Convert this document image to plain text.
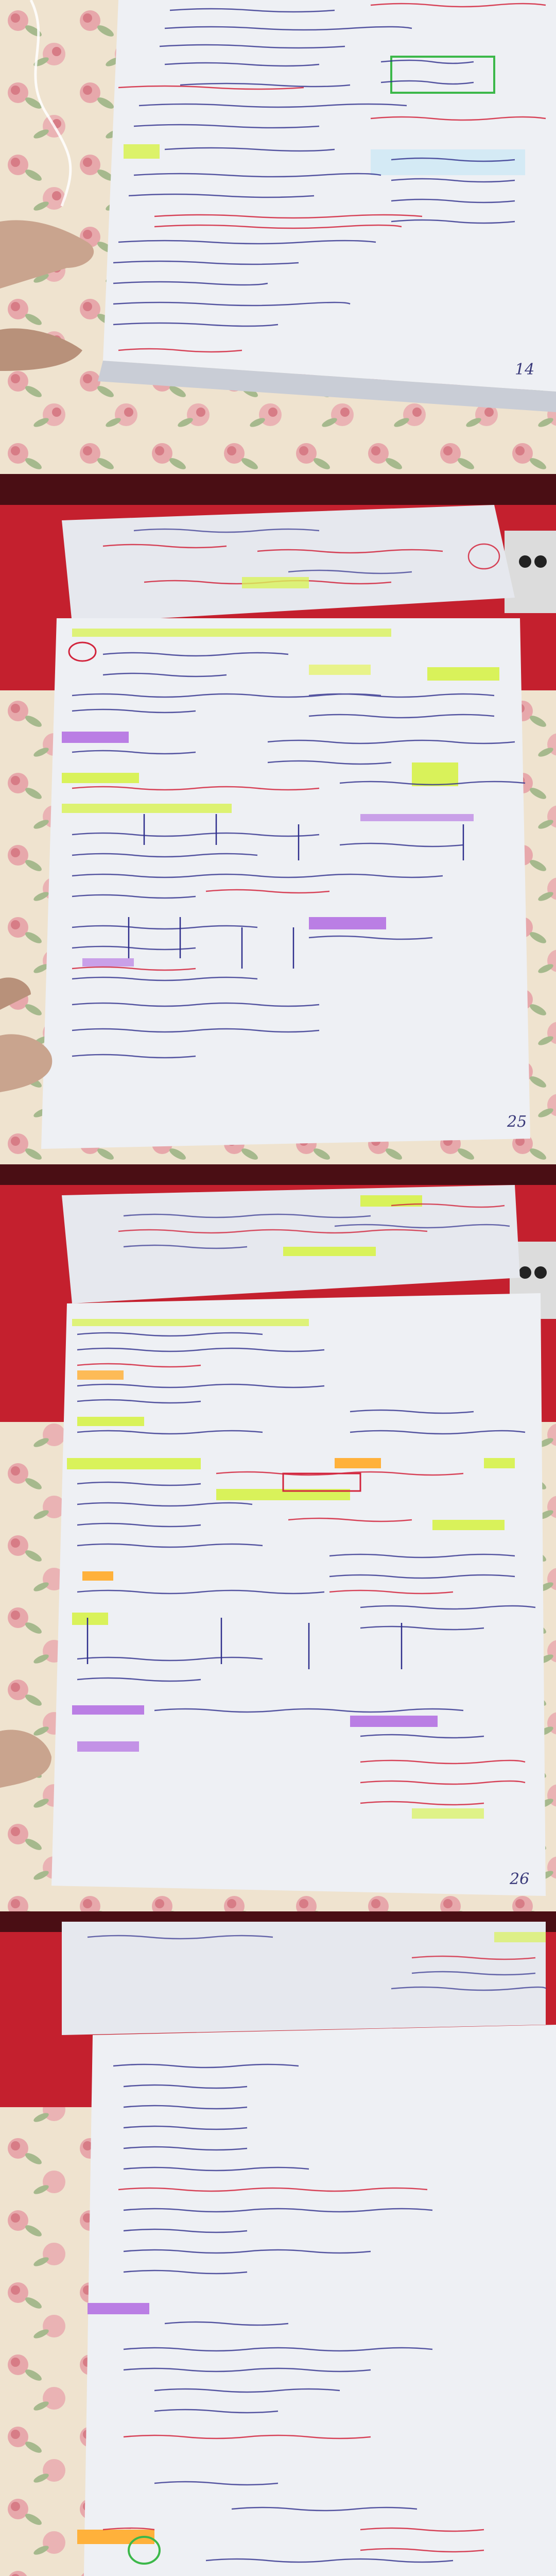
14
25
26
